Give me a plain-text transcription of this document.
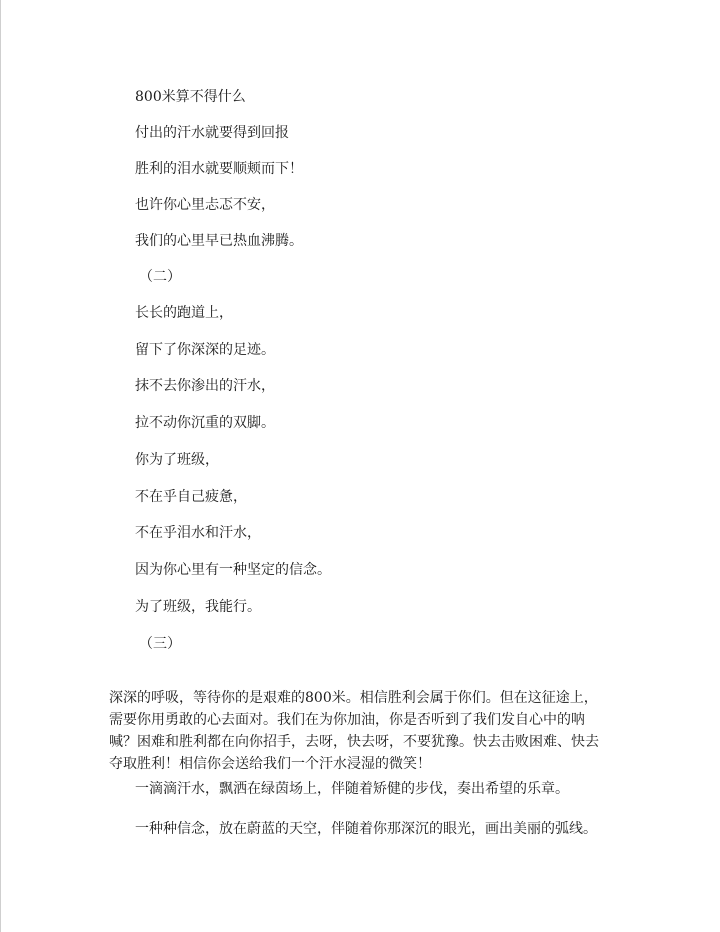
800米算不得什么
付出的汗水就要得到回报
胜利的泪水就要顺颊而下！
也许你心里忐忑不安，
我们的心里早已热血沸腾。
（二）
长长的跑道上，
留下了你深深的足迹。
抹不去你渗出的汗水，
拉不动你沉重的双脚。
你为了班级，
不在乎自己疲惫，
不在乎泪水和汗水，
因为你心里有一种坚定的信念。
为了班级，我能行。
（三）
深深的呼吸，等待你的是艰难的800米。相信胜利会属于你们。但在这征途上，需要你用勇敢的心去面对。我们在为你加油，你是否听到了我们发自心中的呐喊？困难和胜利都在向你招手，去呀，快去呀，不要犹豫。快去击败困难、快去夺取胜利！相信你会送给我们一个汗水浸湿的微笑！
一滴滴汗水，飘洒在绿茵场上，伴随着矫健的步伐，奏出希望的乐章。
一种种信念，放在蔚蓝的天空，伴随着你那深沉的眼光，画出美丽的弧线。
